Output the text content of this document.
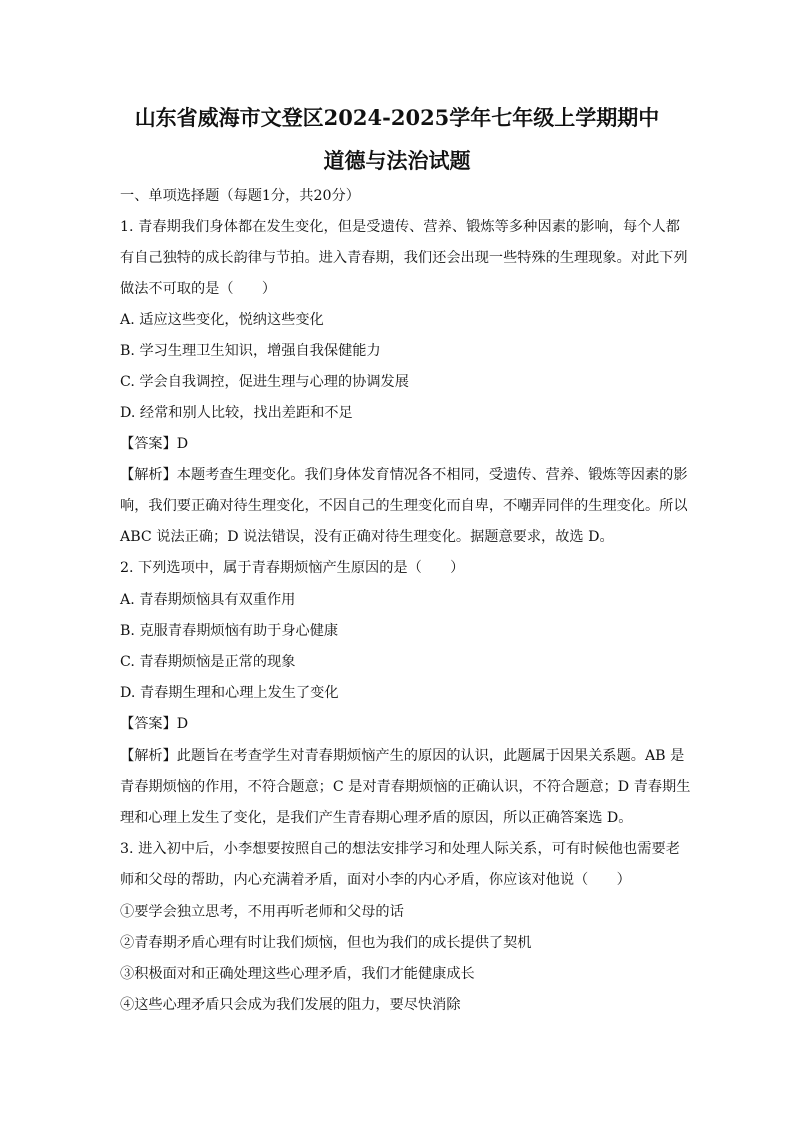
山东省威海市文登区2024-2025学年七年级上学期期中
道德与法治试题

一、单项选择题（每题1分，共20分）

1. 青春期我们身体都在发生变化，但是受遗传、营养、锻炼等多种因素的影响，每个人都

有自己独特的成长韵律与节拍。进入青春期，我们还会出现一些特殊的生理现象。对此下列

做法不可取的是（　　）

A. 适应这些变化，悦纳这些变化

B. 学习生理卫生知识，增强自我保健能力

C. 学会自我调控，促进生理与心理的协调发展

D. 经常和别人比较，找出差距和不足

【答案】D

【解析】本题考查生理变化。我们身体发育情况各不相同，受遗传、营养、锻炼等因素的影

响，我们要正确对待生理变化，不因自己的生理变化而自卑，不嘲弄同伴的生理变化。所以

ABC 说法正确；D 说法错误，没有正确对待生理变化。据题意要求，故选 D。

2. 下列选项中，属于青春期烦恼产生原因的是（　　）

A. 青春期烦恼具有双重作用

B. 克服青春期烦恼有助于身心健康

C. 青春期烦恼是正常的现象

D. 青春期生理和心理上发生了变化

【答案】D

【解析】此题旨在考查学生对青春期烦恼产生的原因的认识，此题属于因果关系题。AB 是

青春期烦恼的作用，不符合题意；C 是对青春期烦恼的正确认识，不符合题意；D 青春期生

理和心理上发生了变化，是我们产生青春期心理矛盾的原因，所以正确答案选 D。

3. 进入初中后，小李想要按照自己的想法安排学习和处理人际关系，可有时候他也需要老

师和父母的帮助，内心充满着矛盾，面对小李的内心矛盾，你应该对他说（　　）

①要学会独立思考，不用再听老师和父母的话

②青春期矛盾心理有时让我们烦恼，但也为我们的成长提供了契机

③积极面对和正确处理这些心理矛盾，我们才能健康成长

④这些心理矛盾只会成为我们发展的阻力，要尽快消除
